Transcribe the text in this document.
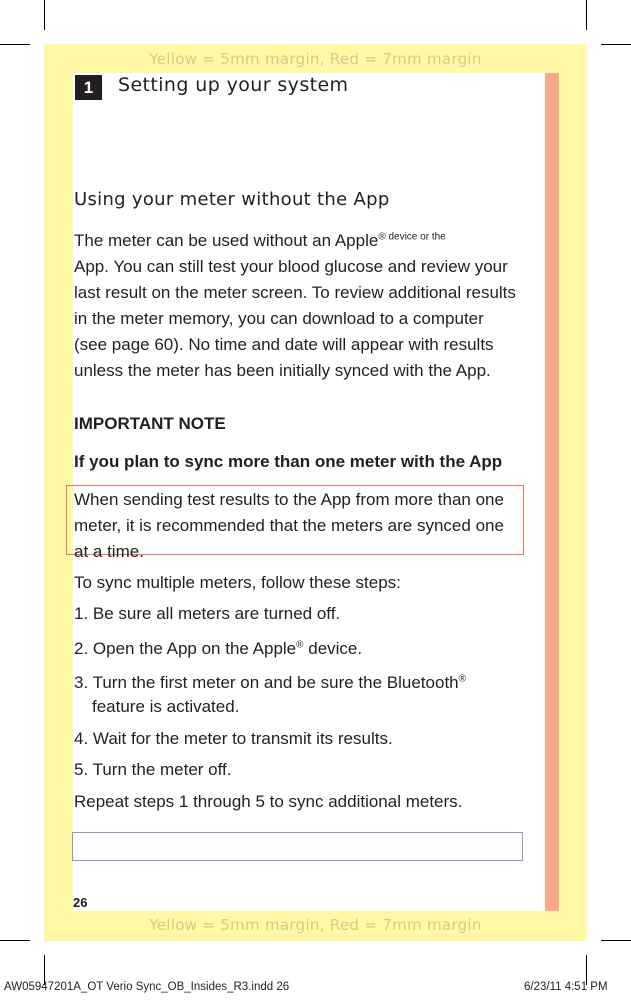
Yellow = 5mm margin, Red = 7mm margin
Yellow = 5mm margin, Red = 7mm margin
1	Setting up your system
Using your meter without the App
The meter can be used without an Apple$^{® device or the}$
App. You can still test your blood glucose and review your
last result on the meter screen. To review additional results
in the meter memory, you can download to a computer
(see page 60). No time and date will appear with results
unless the meter has been initially synced with the App.
IMPORTANT NOTE
If you plan to sync more than one meter with the App
When sending test results to the App from more than one
meter, it is recommended that the meters are synced one
at a time.
To sync multiple meters, follow these steps:
1. Be sure all meters are turned off.
2. Open the App on the Apple® device.
3. Turn the first meter on and be sure the Bluetooth®
feature is activated.
4. Wait for the meter to transmit its results.
5. Turn the meter off.
Repeat steps 1 through 5 to sync additional meters.
26
AW05947201A_OT Verio Sync_OB_Insides_R3.indd 26	6/23/11 4:51 PM
